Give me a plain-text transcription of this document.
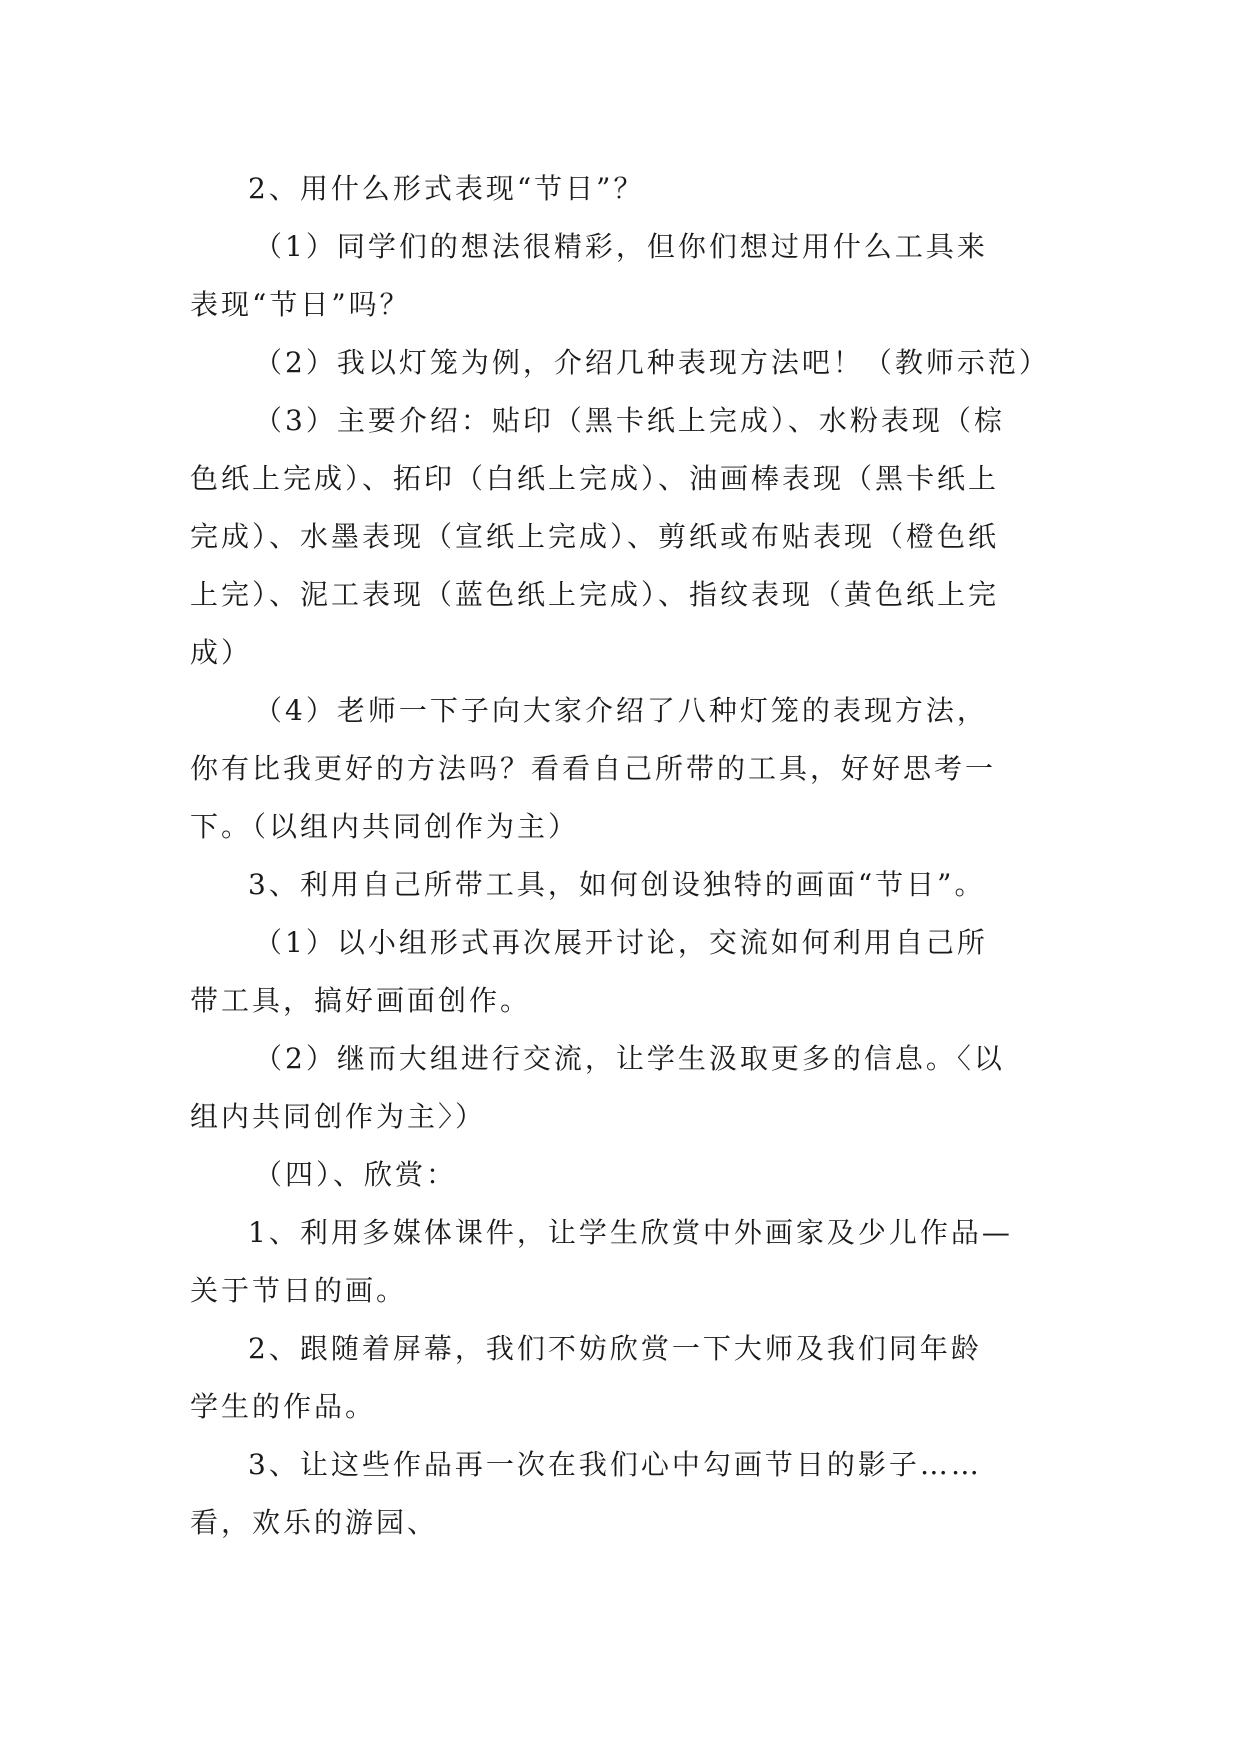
2、用什么形式表现“节日”？
（1）同学们的想法很精彩，但你们想过用什么工具来
表现“节日”吗？
（2）我以灯笼为例，介绍几种表现方法吧！（教师示范）
（3）主要介绍：贴印（黑卡纸上完成）、水粉表现（棕
色纸上完成）、拓印（白纸上完成）、油画棒表现（黑卡纸上
完成）、水墨表现（宣纸上完成）、剪纸或布贴表现（橙色纸
上完）、泥工表现（蓝色纸上完成）、指纹表现（黄色纸上完
成）
（4）老师一下子向大家介绍了八种灯笼的表现方法，
你有比我更好的方法吗？看看自己所带的工具，好好思考一
下。（以组内共同创作为主）
3、利用自己所带工具，如何创设独特的画面“节日”。
（1）以小组形式再次展开讨论，交流如何利用自己所
带工具，搞好画面创作。
（2）继而大组进行交流，让学生汲取更多的信息。〈以
组内共同创作为主〉）
（四）、欣赏：
1、利用多媒体课件，让学生欣赏中外画家及少儿作品—
关于节日的画。
2、跟随着屏幕，我们不妨欣赏一下大师及我们同年龄
学生的作品。
3、让这些作品再一次在我们心中勾画节日的影子……
看，欢乐的游园、
